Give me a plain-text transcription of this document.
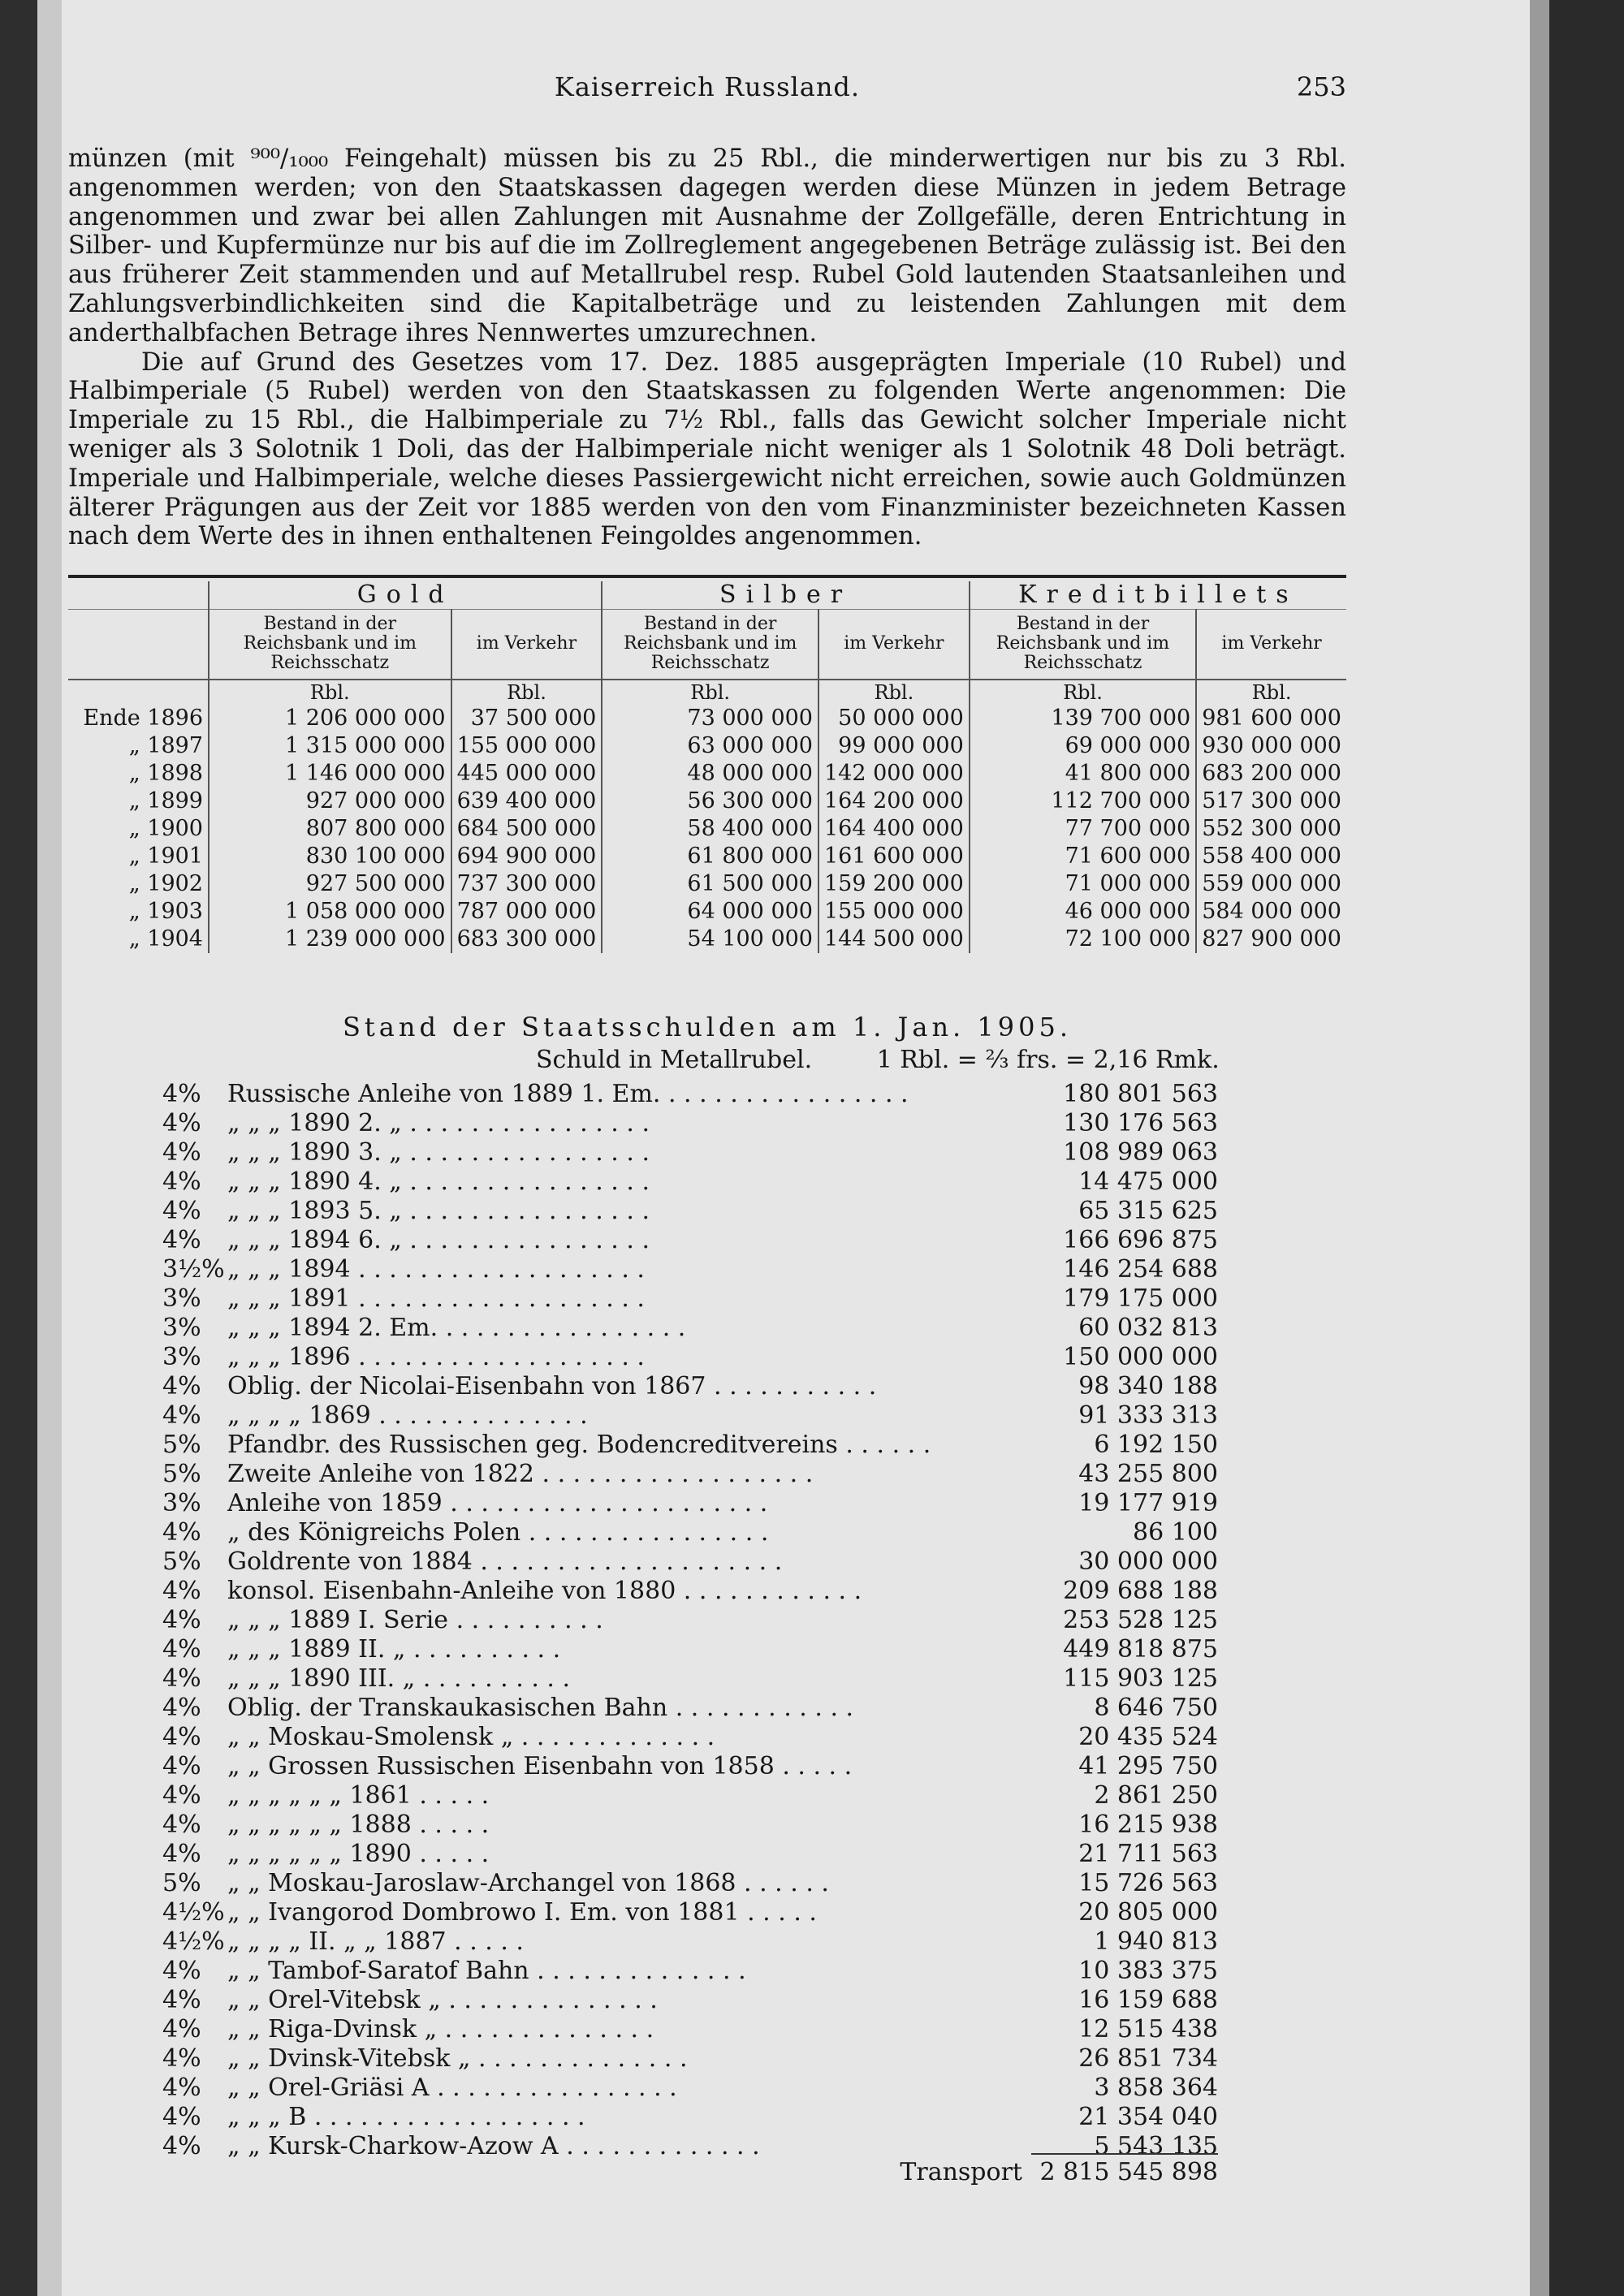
Kaiserreich Russland.	253

münzen (mit ⁹⁰⁰/₁₀₀₀ Feingehalt) müssen bis zu 25 Rbl., die minderwertigen nur bis zu 3 Rbl. angenommen werden; von den Staatskassen dagegen werden diese Münzen in jedem Betrage angenommen und zwar bei allen Zahlungen mit Ausnahme der Zollgefälle, deren Entrichtung in Silber- und Kupfermünze nur bis auf die im Zollreglement angegebenen Beträge zulässig ist. Bei den aus früherer Zeit stammenden und auf Metallrubel resp. Rubel Gold lautenden Staatsanleihen und Zahlungsverbindlichkeiten sind die Kapitalbeträge und zu leistenden Zahlungen mit dem anderthalbfachen Betrage ihres Nennwertes umzurechnen.

Die auf Grund des Gesetzes vom 17. Dez. 1885 ausgeprägten Imperiale (10 Rubel) und Halbimperiale (5 Rubel) werden von den Staatskassen zu folgenden Werte angenommen: Die Imperiale zu 15 Rbl., die Halbimperiale zu 7½ Rbl., falls das Gewicht solcher Imperiale nicht weniger als 3 Solotnik 1 Doli, das der Halbimperiale nicht weniger als 1 Solotnik 48 Doli beträgt. Imperiale und Halbimperiale, welche dieses Passiergewicht nicht erreichen, sowie auch Goldmünzen älterer Prägungen aus der Zeit vor 1885 werden von den vom Finanzminister bezeichneten Kassen nach dem Werte des in ihnen enthaltenen Feingoldes angenommen.

	Gold		Silber		Kreditbillets	
	Bestand in der Reichsbank und im Reichsschatz	im Verkehr	Bestand in der Reichsbank und im Reichsschatz	im Verkehr	Bestand in der Reichsbank und im Reichsschatz	im Verkehr
	Rbl.	Rbl.	Rbl.	Rbl.	Rbl.	Rbl.
Ende 1896	1 206 000 000	37 500 000	73 000 000	50 000 000	139 700 000	981 600 000
„ 1897	1 315 000 000	155 000 000	63 000 000	99 000 000	69 000 000	930 000 000
„ 1898	1 146 000 000	445 000 000	48 000 000	142 000 000	41 800 000	683 200 000
„ 1899	927 000 000	639 400 000	56 300 000	164 200 000	112 700 000	517 300 000
„ 1900	807 800 000	684 500 000	58 400 000	164 400 000	77 700 000	552 300 000
„ 1901	830 100 000	694 900 000	61 800 000	161 600 000	71 600 000	558 400 000
„ 1902	927 500 000	737 300 000	61 500 000	159 200 000	71 000 000	559 000 000
„ 1903	1 058 000 000	787 000 000	64 000 000	155 000 000	46 000 000	584 000 000
„ 1904	1 239 000 000	683 300 000	54 100 000	144 500 000	72 100 000	827 900 000
Stand der Staatsschulden am 1. Jan. 1905.
Schuld in Metallrubel.	1 Rbl. = ⅔ frs. = 2,16 Rmk.
4%	Russische Anleihe von 1889 1. Em. . . . . . . . . . . . . . . . .	180 801 563
4%	„ „ „ 1890 2. „ . . . . . . . . . . . . . . . .	130 176 563
4%	„ „ „ 1890 3. „ . . . . . . . . . . . . . . . .	108 989 063
4%	„ „ „ 1890 4. „ . . . . . . . . . . . . . . . .	14 475 000
4%	„ „ „ 1893 5. „ . . . . . . . . . . . . . . . .	65 315 625
4%	„ „ „ 1894 6. „ . . . . . . . . . . . . . . . .	166 696 875
3½% „ „ „ 1894 . . . . . . . . . . . . . . . . . . .	146 254 688
3%	„ „ „ 1891 . . . . . . . . . . . . . . . . . . .	179 175 000
3%	„ „ „ 1894 2. Em. . . . . . . . . . . . . . . . .	60 032 813
3%	„ „ „ 1896 . . . . . . . . . . . . . . . . . . .	150 000 000
4%	Oblig. der Nicolai-Eisenbahn von 1867 . . . . . . . . . . .	98 340 188
4%	„ „ „ „ 1869 . . . . . . . . . . . . . .	91 333 313
5%	Pfandbr. des Russischen geg. Bodencreditvereins . . . . . .	6 192 150
5%	Zweite Anleihe von 1822 . . . . . . . . . . . . . . . . . .	43 255 800
3%	Anleihe von 1859 . . . . . . . . . . . . . . . . . . . . .	19 177 919
4%	„ des Königreichs Polen . . . . . . . . . . . . . . . .	86 100
5%	Goldrente von 1884 . . . . . . . . . . . . . . . . . . . .	30 000 000
4%	konsol. Eisenbahn-Anleihe von 1880 . . . . . . . . . . . .	209 688 188
4%	„ „ „ 1889 I. Serie . . . . . . . . . .	253 528 125
4%	„ „ „ 1889 II. „ . . . . . . . . . .	449 818 875
4%	„ „ „ 1890 III. „ . . . . . . . . . .	115 903 125
4%	Oblig. der Transkaukasischen Bahn . . . . . . . . . . . .	8 646 750
4%	„ „ Moskau-Smolensk „ . . . . . . . . . . . . .	20 435 524
4%	„ „ Grossen Russischen Eisenbahn von 1858 . . . . .	41 295 750
4%	„ „ „ „ „ „ 1861 . . . . .	2 861 250
4%	„ „ „ „ „ „ 1888 . . . . .	16 215 938
4%	„ „ „ „ „ „ 1890 . . . . .	21 711 563
5%	„ „ Moskau-Jaroslaw-Archangel von 1868 . . . . . .	15 726 563
4½% „ „ Ivangorod Dombrowo I. Em. von 1881 . . . . .	20 805 000
4½% „ „ „ „ II. „ „ 1887 . . . . .	1 940 813
4%	„ „ Tambof-Saratof Bahn . . . . . . . . . . . . . .	10 383 375
4%	„ „ Orel-Vitebsk „ . . . . . . . . . . . . . .	16 159 688
4%	„ „ Riga-Dvinsk „ . . . . . . . . . . . . . .	12 515 438
4%	„ „ Dvinsk-Vitebsk „ . . . . . . . . . . . . . .	26 851 734
4%	„ „ Orel-Griäsi A . . . . . . . . . . . . . . . .	3 858 364
4%	„ „ „ B . . . . . . . . . . . . . . . . . .	21 354 040
4%	„ „ Kursk-Charkow-Azow A . . . . . . . . . . . . .	5 543 135
Transport 2 815 545 898
